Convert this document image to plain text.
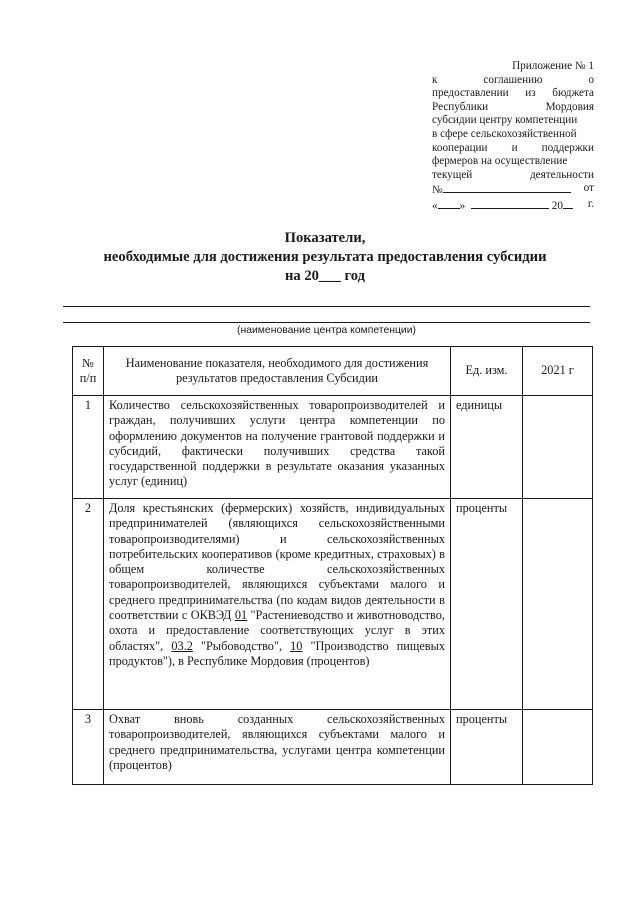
Приложение № 1
к	соглашению	о
предоставлении из бюджета
Республики	Мордовия
субсидии центру компетенции
в сфере сельскохозяйственной
кооперации и поддержки
фермеров на осуществление
текущей	деятельности
№	от
« »	20	г.
Показатели,
необходимые для достижения результата предоставления субсидии
на 20___ год
(наименование центра компетенции)
№ п/п	Наименование показателя, необходимого для достижения результатов предоставления Субсидии	Ед. изм.	2021 г
1	Количество сельскохозяйственных товаропроизводителей и граждан, получивших услуги центра компетенции по оформлению документов на получение грантовой поддержки и субсидий, фактически получивших средства такой государственной поддержки в результате оказания указанных услуг (единиц)	единицы	
2	Доля крестьянских (фермерских) хозяйств, индивидуальных предпринимателей (являющихся сельскохозяйственными товаропроизводителями) и сельскохозяйственных потребительских кооперативов (кроме кредитных, страховых) в общем количестве сельскохозяйственных товаропроизводителей, являющихся субъектами малого и среднего предпринимательства (по кодам видов деятельности в соответствии с ОКВЭД 01 "Растениеводство и животноводство, охота и предоставление соответствующих услуг в этих областях", 03.2 "Рыбоводство", 10 "Производство пищевых продуктов"), в Республике Мордовия (процентов)	проценты	
3	Охват вновь созданных сельскохозяйственных товаропроизводителей, являющихся субъектами малого и среднего предпринимательства, услугами центра компетенции (процентов)	проценты	
